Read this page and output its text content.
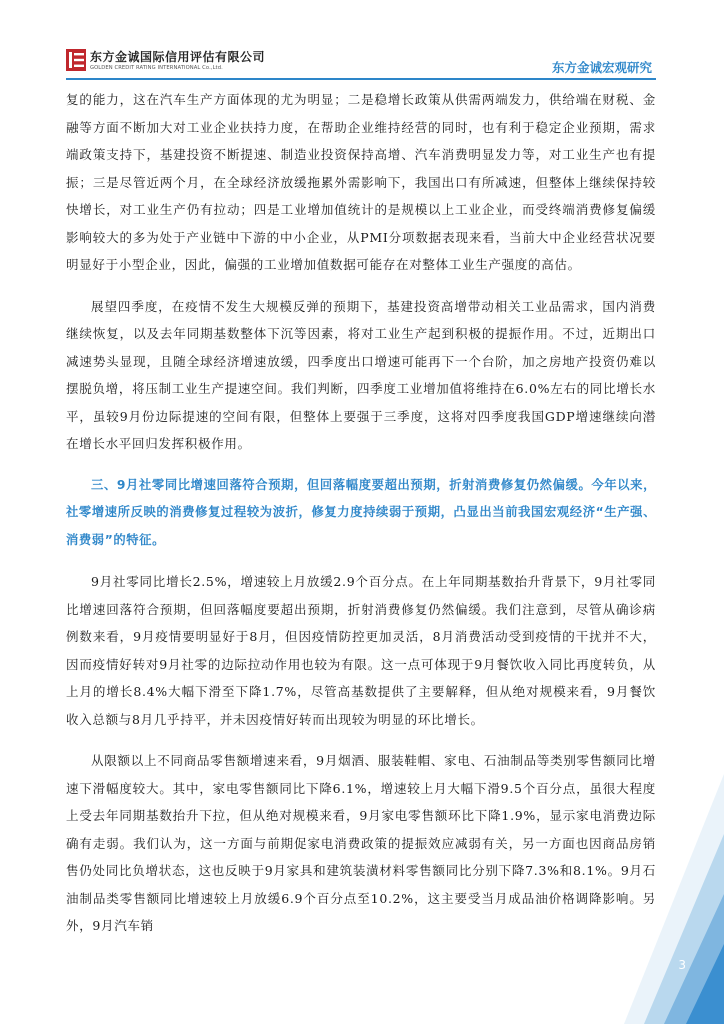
东方金诚国际信用评估有限公司
GOLDEN CREDIT RATING INTERNATIONAL Co.,Ltd.	东方金诚宏观研究

复的能力，这在汽车生产方面体现的尤为明显；二是稳增长政策从供需两端发力，供给端在财税、金融等方面不断加大对工业企业扶持力度，在帮助企业维持经营的同时，也有利于稳定企业预期，需求端政策支持下，基建投资不断提速、制造业投资保持高增、汽车消费明显发力等，对工业生产也有提振；三是尽管近两个月，在全球经济放缓拖累外需影响下，我国出口有所减速，但整体上继续保持较快增长，对工业生产仍有拉动；四是工业增加值统计的是规模以上工业企业，而受终端消费修复偏缓影响较大的多为处于产业链中下游的中小企业，从PMI分项数据表现来看，当前大中企业经营状况要明显好于小型企业，因此，偏强的工业增加值数据可能存在对整体工业生产强度的高估。

展望四季度，在疫情不发生大规模反弹的预期下，基建投资高增带动相关工业品需求，国内消费继续恢复，以及去年同期基数整体下沉等因素，将对工业生产起到积极的提振作用。不过，近期出口减速势头显现，且随全球经济增速放缓，四季度出口增速可能再下一个台阶，加之房地产投资仍难以摆脱负增，将压制工业生产提速空间。我们判断，四季度工业增加值将维持在6.0%左右的同比增长水平，虽较9月份边际提速的空间有限，但整体上要强于三季度，这将对四季度我国GDP增速继续向潜在增长水平回归发挥积极作用。

三、9月社零同比增速回落符合预期，但回落幅度要超出预期，折射消费修复仍然偏缓。今年以来，社零增速所反映的消费修复过程较为波折，修复力度持续弱于预期，凸显出当前我国宏观经济“生产强、消费弱”的特征。

9月社零同比增长2.5%，增速较上月放缓2.9个百分点。在上年同期基数抬升背景下，9月社零同比增速回落符合预期，但回落幅度要超出预期，折射消费修复仍然偏缓。我们注意到，尽管从确诊病例数来看，9月疫情要明显好于8月，但因疫情防控更加灵活，8月消费活动受到疫情的干扰并不大，因而疫情好转对9月社零的边际拉动作用也较为有限。这一点可体现于9月餐饮收入同比再度转负，从上月的增长8.4%大幅下滑至下降1.7%，尽管高基数提供了主要解释，但从绝对规模来看，9月餐饮收入总额与8月几乎持平，并未因疫情好转而出现较为明显的环比增长。

从限额以上不同商品零售额增速来看，9月烟酒、服装鞋帽、家电、石油制品等类别零售额同比增速下滑幅度较大。其中，家电零售额同比下降6.1%，增速较上月大幅下滑9.5个百分点，虽很大程度上受去年同期基数抬升下拉，但从绝对规模来看，9月家电零售额环比下降1.9%，显示家电消费边际确有走弱。我们认为，这一方面与前期促家电消费政策的提振效应减弱有关，另一方面也因商品房销售仍处同比负增状态，这也反映于9月家具和建筑装潢材料零售额同比分别下降7.3%和8.1%。9月石油制品类零售额同比增速较上月放缓6.9个百分点至10.2%，这主要受当月成品油价格调降影响。另外，9月汽车销

3
